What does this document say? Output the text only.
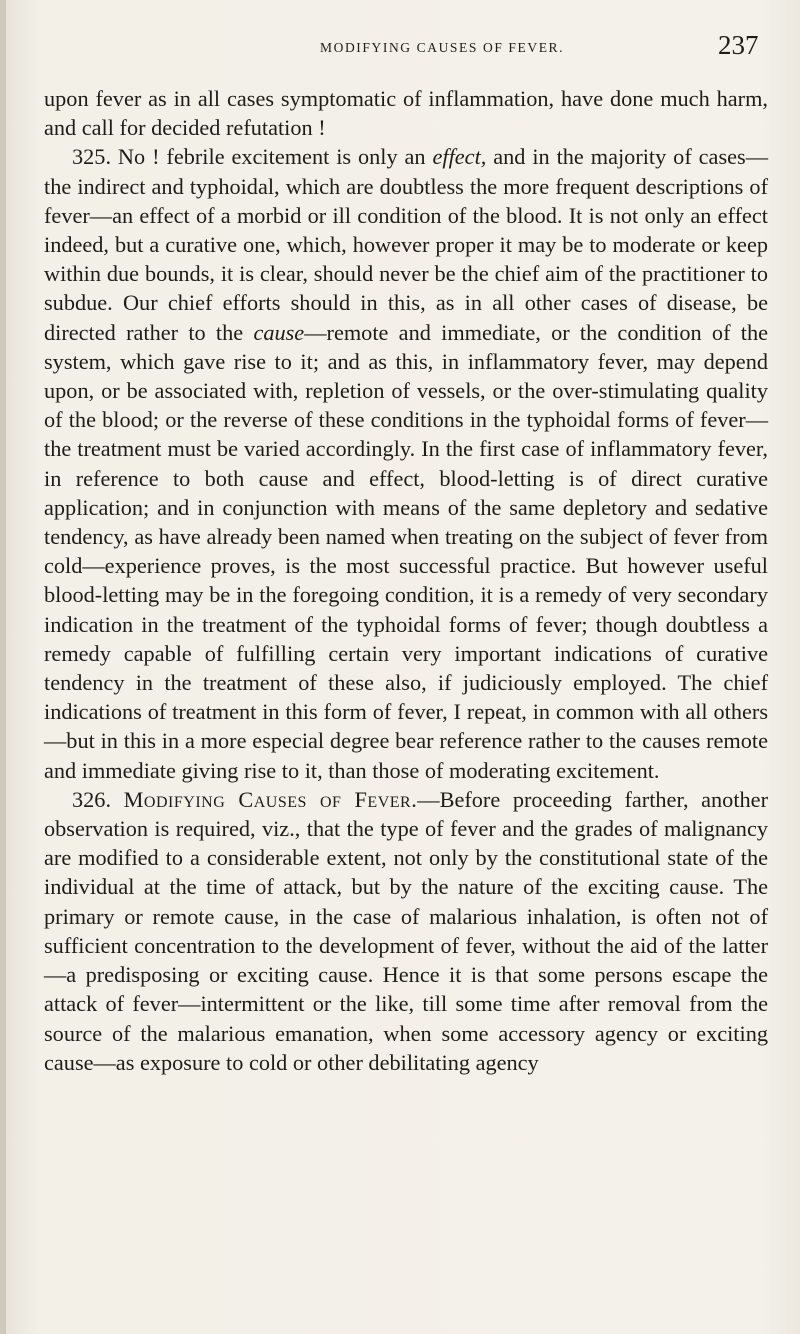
MODIFYING CAUSES OF FEVER.	237

upon fever as in all cases symptomatic of inflammation, have done much harm, and call for decided refutation !

325. No ! febrile excitement is only an effect, and in the majority of cases—the indirect and typhoidal, which are doubtless the more frequent descriptions of fever—an effect of a morbid or ill condition of the blood. It is not only an effect indeed, but a curative one, which, however proper it may be to moderate or keep within due bounds, it is clear, should never be the chief aim of the practitioner to subdue. Our chief efforts should in this, as in all other cases of disease, be directed rather to the cause—remote and immediate, or the condition of the system, which gave rise to it; and as this, in inflammatory fever, may depend upon, or be associated with, repletion of vessels, or the over-stimulating quality of the blood; or the reverse of these conditions in the typhoidal forms of fever—the treatment must be varied accordingly. In the first case of inflammatory fever, in reference to both cause and effect, blood-letting is of direct curative application; and in conjunction with means of the same depletory and sedative tendency, as have already been named when treating on the subject of fever from cold—experience proves, is the most successful practice. But however useful blood-letting may be in the foregoing condition, it is a remedy of very secondary indication in the treatment of the typhoidal forms of fever; though doubtless a remedy capable of fulfilling certain very important indications of curative tendency in the treatment of these also, if judiciously employed. The chief indications of treatment in this form of fever, I repeat, in common with all others—but in this in a more especial degree bear reference rather to the causes remote and immediate giving rise to it, than those of moderating excitement.

326. Modifying Causes of Fever.—Before proceeding farther, another observation is required, viz., that the type of fever and the grades of malignancy are modified to a considerable extent, not only by the constitutional state of the individual at the time of attack, but by the nature of the exciting cause. The primary or remote cause, in the case of malarious inhalation, is often not of sufficient concentration to the development of fever, without the aid of the latter—a predisposing or exciting cause. Hence it is that some persons escape the attack of fever—intermittent or the like, till some time after removal from the source of the malarious emanation, when some accessory agency or exciting cause—as exposure to cold or other debilitating agency
